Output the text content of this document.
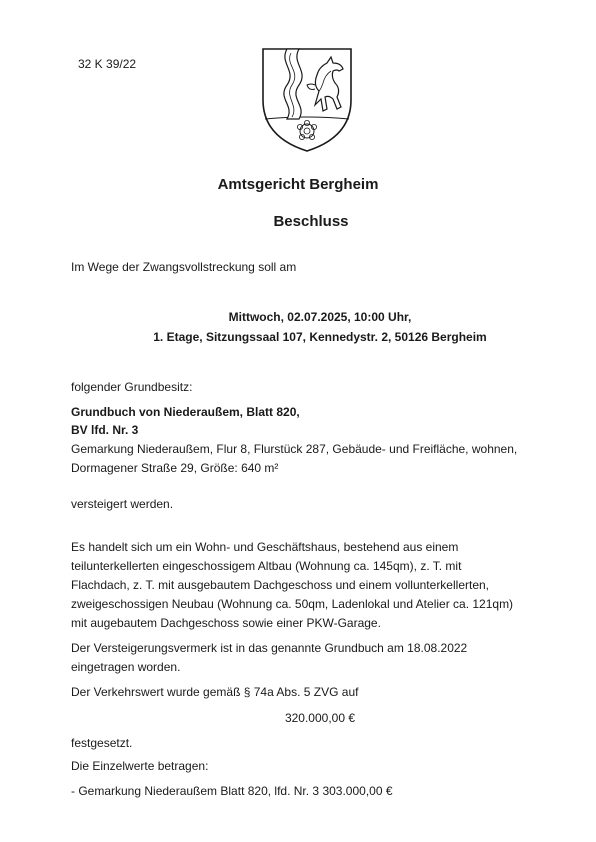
32 K 39/22
Amtsgericht Bergheim
Beschluss
Im Wege der Zwangsvollstreckung soll am
Mittwoch, 02.07.2025, 10:00 Uhr,
1. Etage, Sitzungssaal 107, Kennedystr. 2, 50126 Bergheim
folgender Grundbesitz:
Grundbuch von Niederaußem, Blatt 820,
BV lfd. Nr. 3
Gemarkung Niederaußem, Flur 8, Flurstück 287, Gebäude- und Freifläche, wohnen,
Dormagener Straße 29, Größe: 640 m²
versteigert werden.
Es handelt sich um ein Wohn- und Geschäftshaus, bestehend aus einem
teilunterkellerten eingeschossigem Altbau (Wohnung ca. 145qm), z. T. mit
Flachdach, z. T. mit ausgebautem Dachgeschoss und einem vollunterkellerten,
zweigeschossigen Neubau (Wohnung ca. 50qm, Ladenlokal und Atelier ca. 121qm)
mit augebautem Dachgeschoss sowie einer PKW-Garage.
Der Versteigerungsvermerk ist in das genannte Grundbuch am 18.08.2022
eingetragen worden.
Der Verkehrswert wurde gemäß § 74a Abs. 5 ZVG auf
320.000,00 €
festgesetzt.
Die Einzelwerte betragen:
- Gemarkung Niederaußem Blatt 820, lfd. Nr. 3 303.000,00 €
